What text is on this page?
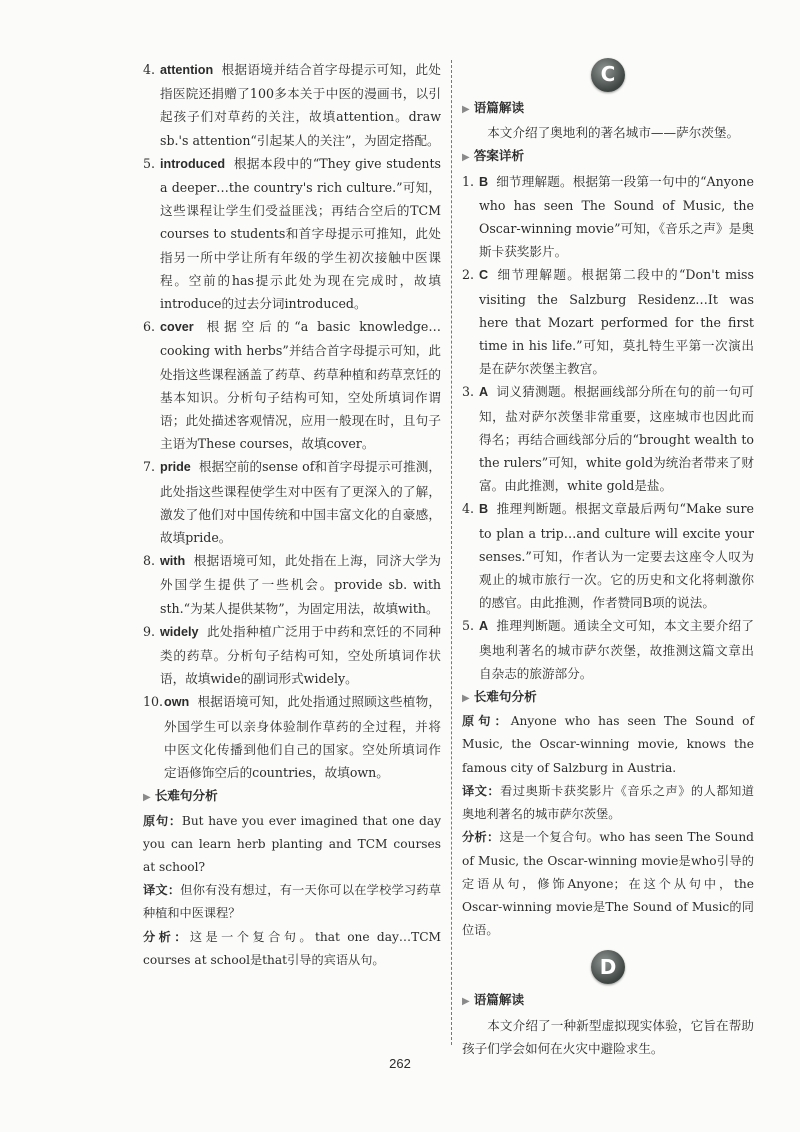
4. attention 根据语境并结合首字母提示可知，此处指医院还捐赠了100多本关于中医的漫画书，以引起孩子们对草药的关注，故填attention。draw sb.'s attention“引起某人的关注”，为固定搭配。
5. introduced 根据本段中的“They give students a deeper…the country's rich culture.”可知，这些课程让学生们受益匪浅；再结合空后的TCM courses to students和首字母提示可推知，此处指另一所中学让所有年级的学生初次接触中医课程。空前的has提示此处为现在完成时，故填introduce的过去分词introduced。
6. cover 根据空后的“a basic knowledge…cooking with herbs”并结合首字母提示可知，此处指这些课程涵盖了药草、药草种植和药草烹饪的基本知识。分析句子结构可知，空处所填词作谓语；此处描述客观情况，应用一般现在时，且句子主语为These courses，故填cover。
7. pride 根据空前的sense of和首字母提示可推测，此处指这些课程使学生对中医有了更深入的了解，激发了他们对中国传统和中国丰富文化的自豪感，故填pride。
8. with 根据语境可知，此处指在上海，同济大学为外国学生提供了一些机会。provide sb. with sth.“为某人提供某物”，为固定用法，故填with。
9. widely 此处指种植广泛用于中药和烹饪的不同种类的药草。分析句子结构可知，空处所填词作状语，故填wide的副词形式widely。
10. own 根据语境可知，此处指通过照顾这些植物，外国学生可以亲身体验制作草药的全过程，并将中医文化传播到他们自己的国家。空处所填词作定语修饰空后的countries，故填own。
▶ 长难句分析
原句：But have you ever imagined that one day you can learn herb planting and TCM courses at school?
译文：但你有没有想过，有一天你可以在学校学习药草种植和中医课程？
分析：这是一个复合句。that one day…TCM courses at school是that引导的宾语从句。
C
▶ 语篇解读
本文介绍了奥地利的著名城市——萨尔茨堡。
▶ 答案详析
1. B 细节理解题。根据第一段第一句中的“Anyone who has seen The Sound of Music, the Oscar-winning movie”可知，《音乐之声》是奥斯卡获奖影片。
2. C 细节理解题。根据第二段中的“Don't miss visiting the Salzburg Residenz…It was here that Mozart performed for the first time in his life.”可知，莫扎特生平第一次演出是在萨尔茨堡主教宫。
3. A 词义猜测题。根据画线部分所在句的前一句可知，盐对萨尔茨堡非常重要，这座城市也因此而得名；再结合画线部分后的“brought wealth to the rulers”可知，white gold为统治者带来了财富。由此推测，white gold是盐。
4. B 推理判断题。根据文章最后两句“Make sure to plan a trip…and culture will excite your senses.”可知，作者认为一定要去这座令人叹为观止的城市旅行一次。它的历史和文化将刺激你的感官。由此推测，作者赞同B项的说法。
5. A 推理判断题。通读全文可知，本文主要介绍了奥地利著名的城市萨尔茨堡，故推测这篇文章出自杂志的旅游部分。
▶ 长难句分析
原句：Anyone who has seen The Sound of Music, the Oscar-winning movie, knows the famous city of Salzburg in Austria.
译文：看过奥斯卡获奖影片《音乐之声》的人都知道奥地利著名的城市萨尔茨堡。
分析：这是一个复合句。who has seen The Sound of Music, the Oscar-winning movie是who引导的定语从句，修饰Anyone；在这个从句中，the Oscar-winning movie是The Sound of Music的同位语。
D
▶ 语篇解读
本文介绍了一种新型虚拟现实体验，它旨在帮助孩子们学会如何在火灾中避险求生。
262
